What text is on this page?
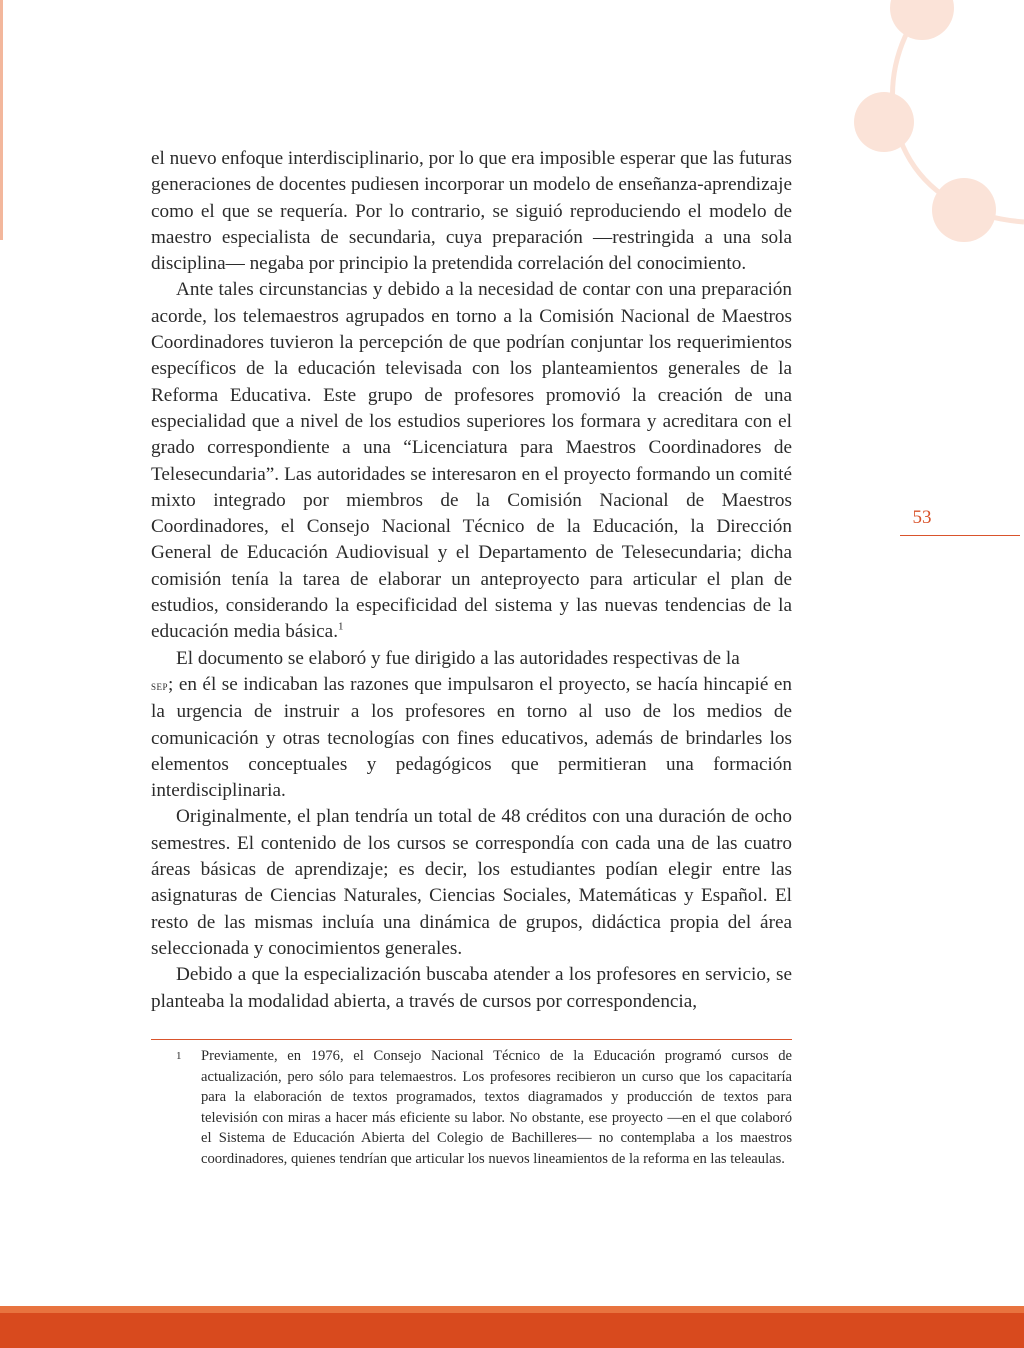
el nuevo enfoque interdisciplinario, por lo que era imposible esperar que las futuras generaciones de docentes pudiesen incorporar un modelo de enseñanza-aprendizaje como el que se requería. Por lo contrario, se siguió reproduciendo el modelo de maestro especialista de secundaria, cuya preparación —restringida a una sola disciplina— negaba por principio la pretendida correlación del conocimiento.

Ante tales circunstancias y debido a la necesidad de contar con una preparación acorde, los telemaestros agrupados en torno a la Comisión Nacional de Maestros Coordinadores tuvieron la percepción de que podrían conjuntar los requerimientos específicos de la educación televisada con los planteamientos generales de la Reforma Educativa. Este grupo de profesores promovió la creación de una especialidad que a nivel de los estudios superiores los formara y acreditara con el grado correspondiente a una “Licenciatura para Maestros Coordinadores de Telesecundaria”. Las autoridades se interesaron en el proyecto formando un comité mixto integrado por miembros de la Comisión Nacional de Maestros Coordinadores, el Consejo Nacional Técnico de la Educación, la Dirección General de Educación Audiovisual y el Departamento de Telesecundaria; dicha comisión tenía la tarea de elaborar un anteproyecto para articular el plan de estudios, considerando la especificidad del sistema y las nuevas tendencias de la educación media básica.$^1$

El documento se elaboró y fue dirigido a las autoridades respectivas de la
sep; en él se indicaban las razones que impulsaron el proyecto, se hacía hincapié en la urgencia de instruir a los profesores en torno al uso de los medios de comunicación y otras tecnologías con fines educativos, además de brindarles los elementos conceptuales y pedagógicos que permitieran una formación interdisciplinaria.

Originalmente, el plan tendría un total de 48 créditos con una duración de ocho semestres. El contenido de los cursos se correspondía con cada una de las cuatro áreas básicas de aprendizaje; es decir, los estudiantes podían elegir entre las asignaturas de Ciencias Naturales, Ciencias Sociales, Matemáticas y Español. El resto de las mismas incluía una dinámica de grupos, didáctica propia del área seleccionada y conocimientos generales.

Debido a que la especialización buscaba atender a los profesores en servicio, se planteaba la modalidad abierta, a través de cursos por correspondencia,

53
1 Previamente, en 1976, el Consejo Nacional Técnico de la Educación programó cursos de actualización, pero sólo para telemaestros. Los profesores recibieron un curso que los capacitaría para la elaboración de textos programados, textos diagramados y producción de textos para televisión con miras a hacer más eficiente su labor. No obstante, ese proyecto —en el que colaboró el Sistema de Educación Abierta del Colegio de Bachilleres— no contemplaba a los maestros coordinadores, quienes tendrían que articular los nuevos lineamientos de la reforma en las teleaulas.
